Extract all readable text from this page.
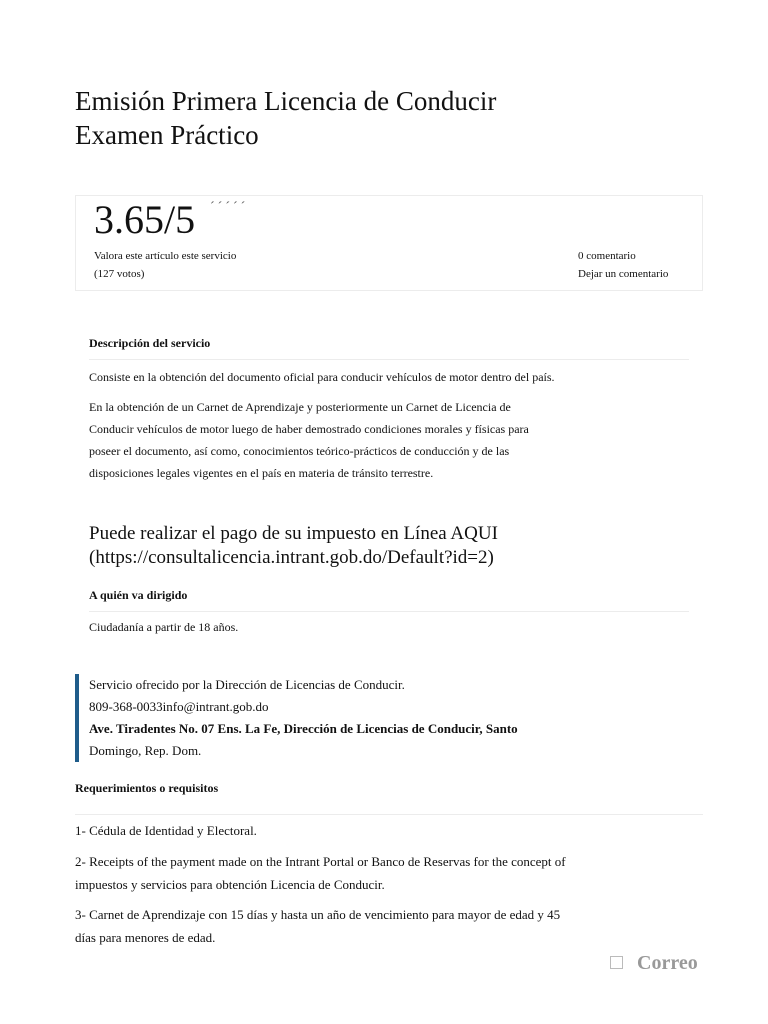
Emisión Primera Licencia de Conducir
Examen Práctico
3.65/5 ´´´´´
Valora este artículo este servicio
(127 votos)
0 comentario
Dejar un comentario
Descripción del servicio

Consiste en la obtención del documento oficial para conducir vehículos de motor dentro del país.

En la obtención de un Carnet de Aprendizaje y posteriormente un Carnet de Licencia de
Conducir vehículos de motor luego de haber demostrado condiciones morales y físicas para
poseer el documento, así como, conocimientos teórico-prácticos de conducción y de las
disposiciones legales vigentes en el país en materia de tránsito terrestre.

Puede realizar el pago de su impuesto en Línea AQUI
(https://consultalicencia.intrant.gob.do/Default?id=2)
A quién va dirigido

Ciudadanía a partir de 18 años.

Servicio ofrecido por la Dirección de Licencias de Conducir.
809-368-0033info@intrant.gob.do
Ave. Tiradentes No. 07 Ens. La Fe, Dirección de Licencias de Conducir, Santo
Domingo, Rep. Dom.
Requerimientos o requisitos

1- Cédula de Identidad y Electoral.

2- Receipts of the payment made on the Intrant Portal or Banco de Reservas for the concept of
impuestos y servicios para obtención Licencia de Conducir.

3- Carnet de Aprendizaje con 15 días y hasta un año de vencimiento para mayor de edad y 45
días para menores de edad.

Correo
